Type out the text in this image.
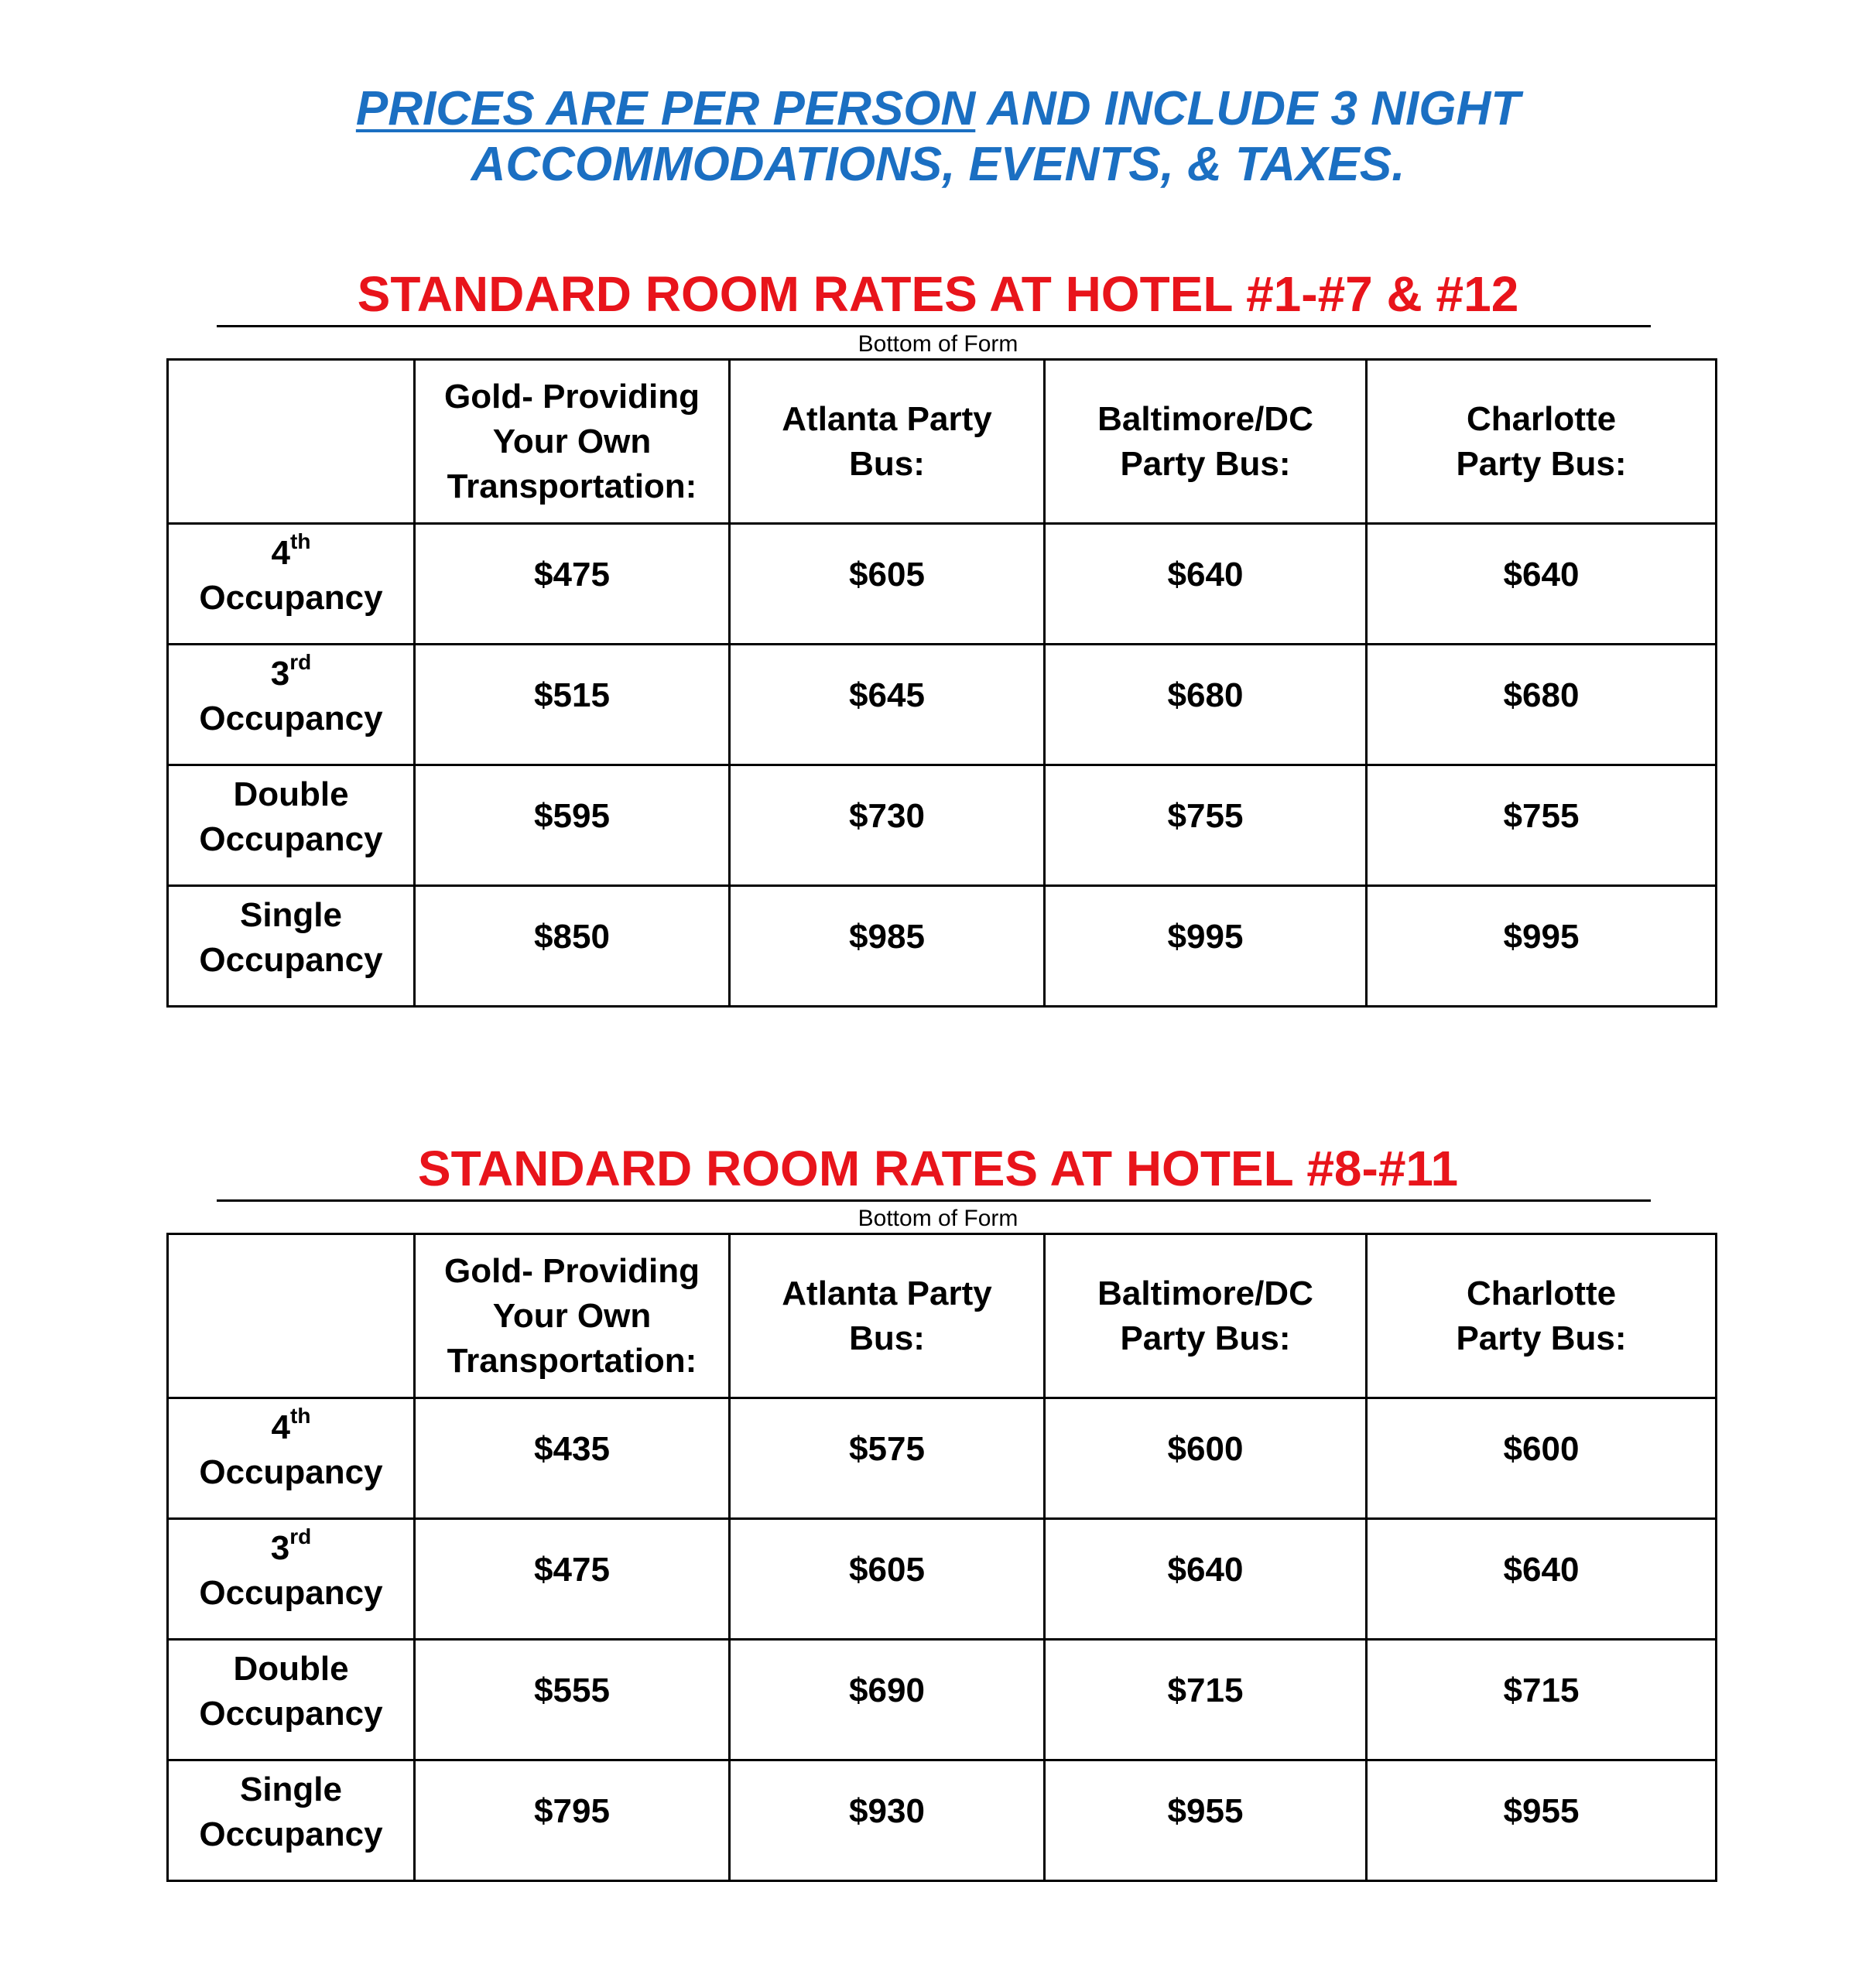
PRICES ARE PER PERSON AND INCLUDE 3 NIGHT
ACCOMMODATIONS, EVENTS, & TAXES.
STANDARD ROOM RATES AT HOTEL #1-#7 & #12
Bottom of Form

	Gold- Providing
Your Own
Transportation:	Atlanta Party
Bus:	Baltimore/DC
Party Bus:	Charlotte
Party Bus:

4th
Occupancy	$475	$605	$640	$640
3rd
Occupancy	$515	$645	$680	$680
Double
Occupancy	$595	$730	$755	$755
Single
Occupancy	$850	$985	$995	$995
STANDARD ROOM RATES AT HOTEL #8-#11
Bottom of Form

	Gold- Providing
Your Own
Transportation:	Atlanta Party
Bus:	Baltimore/DC
Party Bus:	Charlotte
Party Bus:

4th
Occupancy	$435	$575	$600	$600
3rd
Occupancy	$475	$605	$640	$640
Double
Occupancy	$555	$690	$715	$715
Single
Occupancy	$795	$930	$955	$955
